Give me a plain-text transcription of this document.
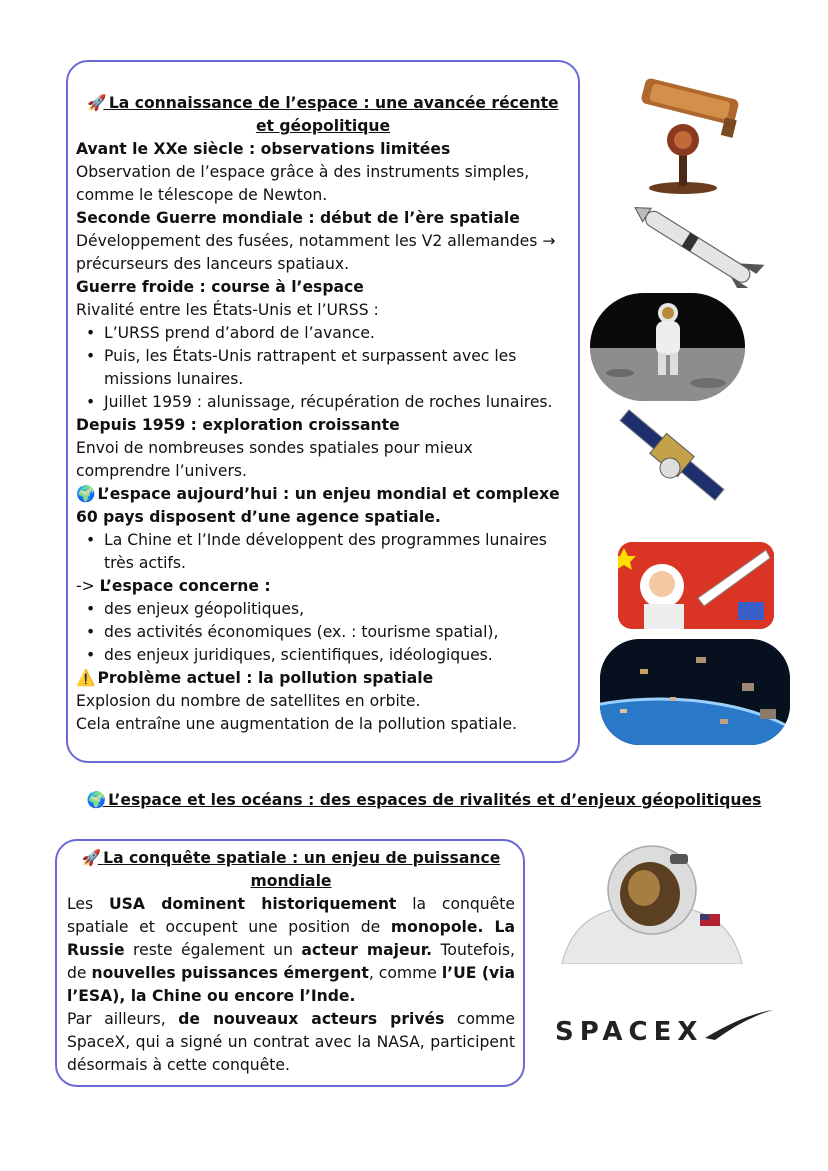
🚀 La connaissance de l’espace : une avancée récente et géopolitique
Avant le XXe siècle : observations limitées
Observation de l’espace grâce à des instruments simples, comme le télescope de Newton.
Seconde Guerre mondiale : début de l’ère spatiale
Développement des fusées, notamment les V2 allemandes → précurseurs des lanceurs spatiaux.
Guerre froide : course à l’espace
Rivalité entre les États-Unis et l’URSS :
• L’URSS prend d’abord de l’avance.
• Puis, les États-Unis rattrapent et surpassent avec les missions lunaires.
• Juillet 1959 : alunissage, récupération de roches lunaires.
Depuis 1959 : exploration croissante
Envoi de nombreuses sondes spatiales pour mieux comprendre l’univers.
🌍 L’espace aujourd’hui : un enjeu mondial et complexe
60 pays disposent d’une agence spatiale.
• La Chine et l’Inde développent des programmes lunaires très actifs.
-> L’espace concerne :
• des enjeux géopolitiques,
• des activités économiques (ex. : tourisme spatial),
• des enjeux juridiques, scientifiques, idéologiques.
⚠️ Problème actuel : la pollution spatiale
Explosion du nombre de satellites en orbite.
Cela entraîne une augmentation de la pollution spatiale.
🌍 L’espace et les océans : des espaces de rivalités et d’enjeux géopolitiques
🚀 La conquête spatiale : un enjeu de puissance mondiale

Les USA dominent historiquement la conquête spatiale et occupent une position de monopole. La Russie reste également un acteur majeur. Toutefois, de nouvelles puissances émergent, comme l’UE (via l’ESA), la Chine ou encore l’Inde.

Par ailleurs, de nouveaux acteurs privés comme SpaceX, qui a signé un contrat avec la NASA, participent désormais à cette conquête.

SPACEX
